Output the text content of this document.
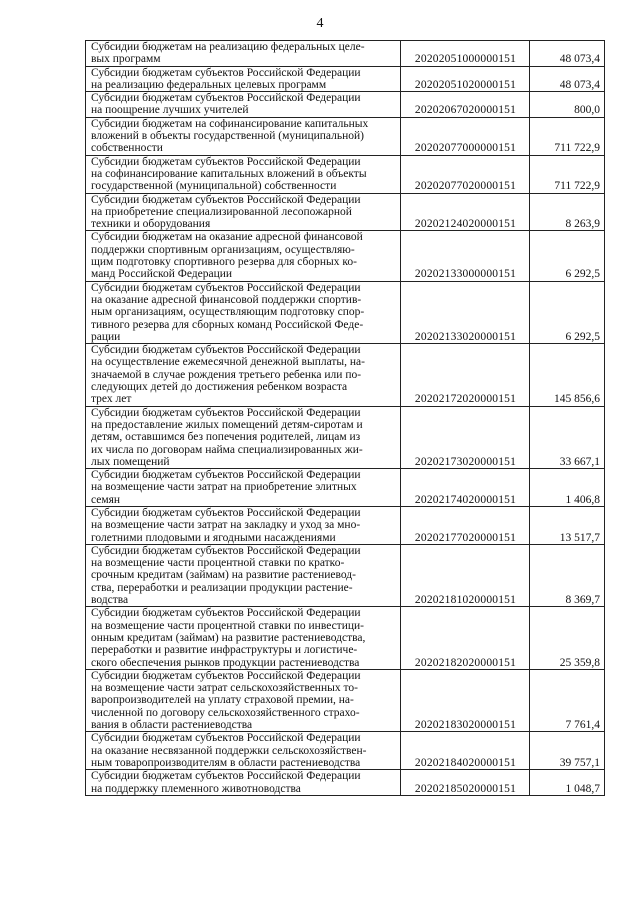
4
Субсидии бюджетам на реализацию федеральных целе-
вых программ	20202051000000151	48 073,4

Субсидии бюджетам субъектов Российской Федерации
на реализацию федеральных целевых программ	20202051020000151	48 073,4

Субсидии бюджетам субъектов Российской Федерации
на поощрение лучших учителей	20202067020000151	800,0

Субсидии бюджетам на софинансирование капитальных
вложений в объекты государственной (муниципальной)
собственности	20202077000000151	711 722,9

Субсидии бюджетам субъектов Российской Федерации
на софинансирование капитальных вложений в объекты
государственной (муниципальной) собственности	20202077020000151	711 722,9

Субсидии бюджетам субъектов Российской Федерации
на приобретение специализированной лесопожарной
техники и оборудования	20202124020000151	8 263,9

Субсидии бюджетам на оказание адресной финансовой
поддержки спортивным организациям, осуществляю-
щим подготовку спортивного резерва для сборных ко-
манд Российской Федерации	20202133000000151	6 292,5

Субсидии бюджетам субъектов Российской Федерации
на оказание адресной финансовой поддержки спортив-
ным организациям, осуществляющим подготовку спор-
тивного резерва для сборных команд Российской Феде-
рации	20202133020000151	6 292,5

Субсидии бюджетам субъектов Российской Федерации
на осуществление ежемесячной денежной выплаты, на-
значаемой в случае рождения третьего ребенка или по-
следующих детей до достижения ребенком возраста
трех лет	20202172020000151	145 856,6

Субсидии бюджетам субъектов Российской Федерации
на предоставление жилых помещений детям-сиротам и
детям, оставшимся без попечения родителей, лицам из
их числа по договорам найма специализированных жи-
лых помещений	20202173020000151	33 667,1

Субсидии бюджетам субъектов Российской Федерации
на возмещение части затрат на приобретение элитных
семян	20202174020000151	1 406,8

Субсидии бюджетам субъектов Российской Федерации
на возмещение части затрат на закладку и уход за мно-
голетними плодовыми и ягодными насаждениями	20202177020000151	13 517,7

Субсидии бюджетам субъектов Российской Федерации
на возмещение части процентной ставки по кратко-
срочным кредитам (займам) на развитие растениевод-
ства, переработки и реализации продукции растение-
водства	20202181020000151	8 369,7

Субсидии бюджетам субъектов Российской Федерации
на возмещение части процентной ставки по инвестици-
онным кредитам (займам) на развитие растениеводства,
переработки и развитие инфраструктуры и логистиче-
ского обеспечения рынков продукции растениеводства	20202182020000151	25 359,8

Субсидии бюджетам субъектов Российской Федерации
на возмещение части затрат сельскохозяйственных то-
варопроизводителей на уплату страховой премии, на-
численной по договору сельскохозяйственного страхо-
вания в области растениеводства	20202183020000151	7 761,4

Субсидии бюджетам субъектов Российской Федерации
на оказание несвязанной поддержки сельскохозяйствен-
ным товаропроизводителям в области растениеводства	20202184020000151	39 757,1

Субсидии бюджетам субъектов Российской Федерации
на поддержку племенного животноводства	20202185020000151	1 048,7
